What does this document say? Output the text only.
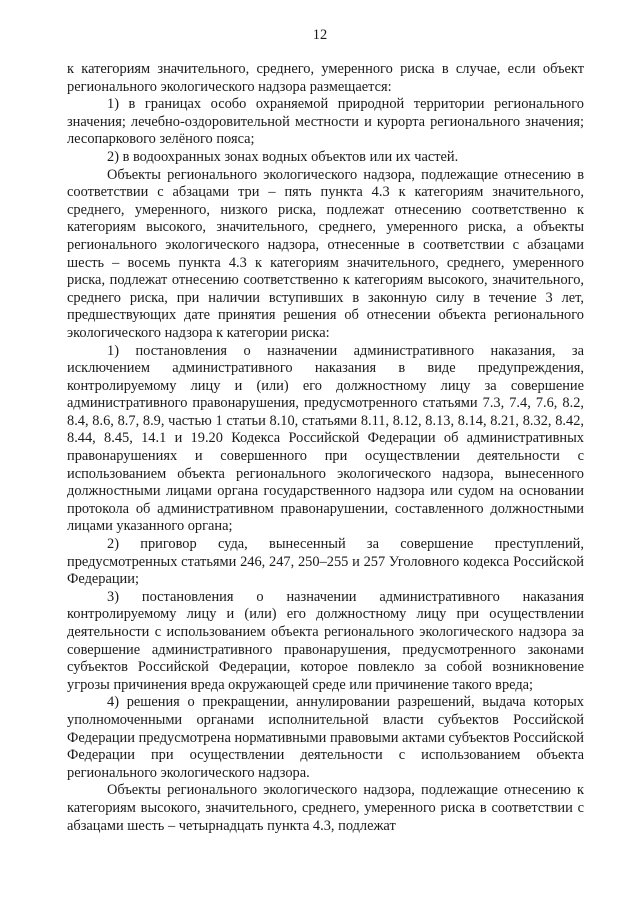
12

к категориям значительного, среднего, умеренного риска в случае, если объект регионального экологического надзора размещается:

1) в границах особо охраняемой природной территории регионального значения; лечебно-оздоровительной местности и курорта регионального значения; лесопаркового зелёного пояса;

2) в водоохранных зонах водных объектов или их частей.

Объекты регионального экологического надзора, подлежащие отнесению в соответствии с абзацами три – пять пункта 4.3 к категориям значительного, среднего, умеренного, низкого риска, подлежат отнесению соответственно к категориям высокого, значительного, среднего, умеренного риска, а объекты регионального экологического надзора, отнесенные в соответствии с абзацами шесть – восемь пункта 4.3 к категориям значительного, среднего, умеренного риска, подлежат отнесению соответственно к категориям высокого, значительного, среднего риска, при наличии вступивших в законную силу в течение 3 лет, предшествующих дате принятия решения об отнесении объекта регионального экологического надзора к категории риска:

1) постановления о назначении административного наказания, за исключением административного наказания в виде предупреждения, контролируемому лицу и (или) его должностному лицу за совершение административного правонарушения, предусмотренного статьями 7.3, 7.4, 7.6, 8.2, 8.4, 8.6, 8.7, 8.9, частью 1 статьи 8.10, статьями 8.11, 8.12, 8.13, 8.14, 8.21, 8.32, 8.42, 8.44, 8.45, 14.1 и 19.20 Кодекса Российской Федерации об административных правонарушениях и совершенного при осуществлении деятельности с использованием объекта регионального экологического надзора, вынесенного должностными лицами органа государственного надзора или судом на основании протокола об административном правонарушении, составленного должностными лицами указанного органа;

2) приговор суда, вынесенный за совершение преступлений, предусмотренных статьями 246, 247, 250–255 и 257 Уголовного кодекса Российской Федерации;

3) постановления о назначении административного наказания контролируемому лицу и (или) его должностному лицу при осуществлении деятельности с использованием объекта регионального экологического надзора за совершение административного правонарушения, предусмотренного законами субъектов Российской Федерации, которое повлекло за собой возникновение угрозы причинения вреда окружающей среде или причинение такого вреда;

4) решения о прекращении, аннулировании разрешений, выдача которых уполномоченными органами исполнительной власти субъектов Российской Федерации предусмотрена нормативными правовыми актами субъектов Российской Федерации при осуществлении деятельности с использованием объекта регионального экологического надзора.

Объекты регионального экологического надзора, подлежащие отнесению к категориям высокого, значительного, среднего, умеренного риска в соответствии с абзацами шесть – четырнадцать пункта 4.3, подлежат
